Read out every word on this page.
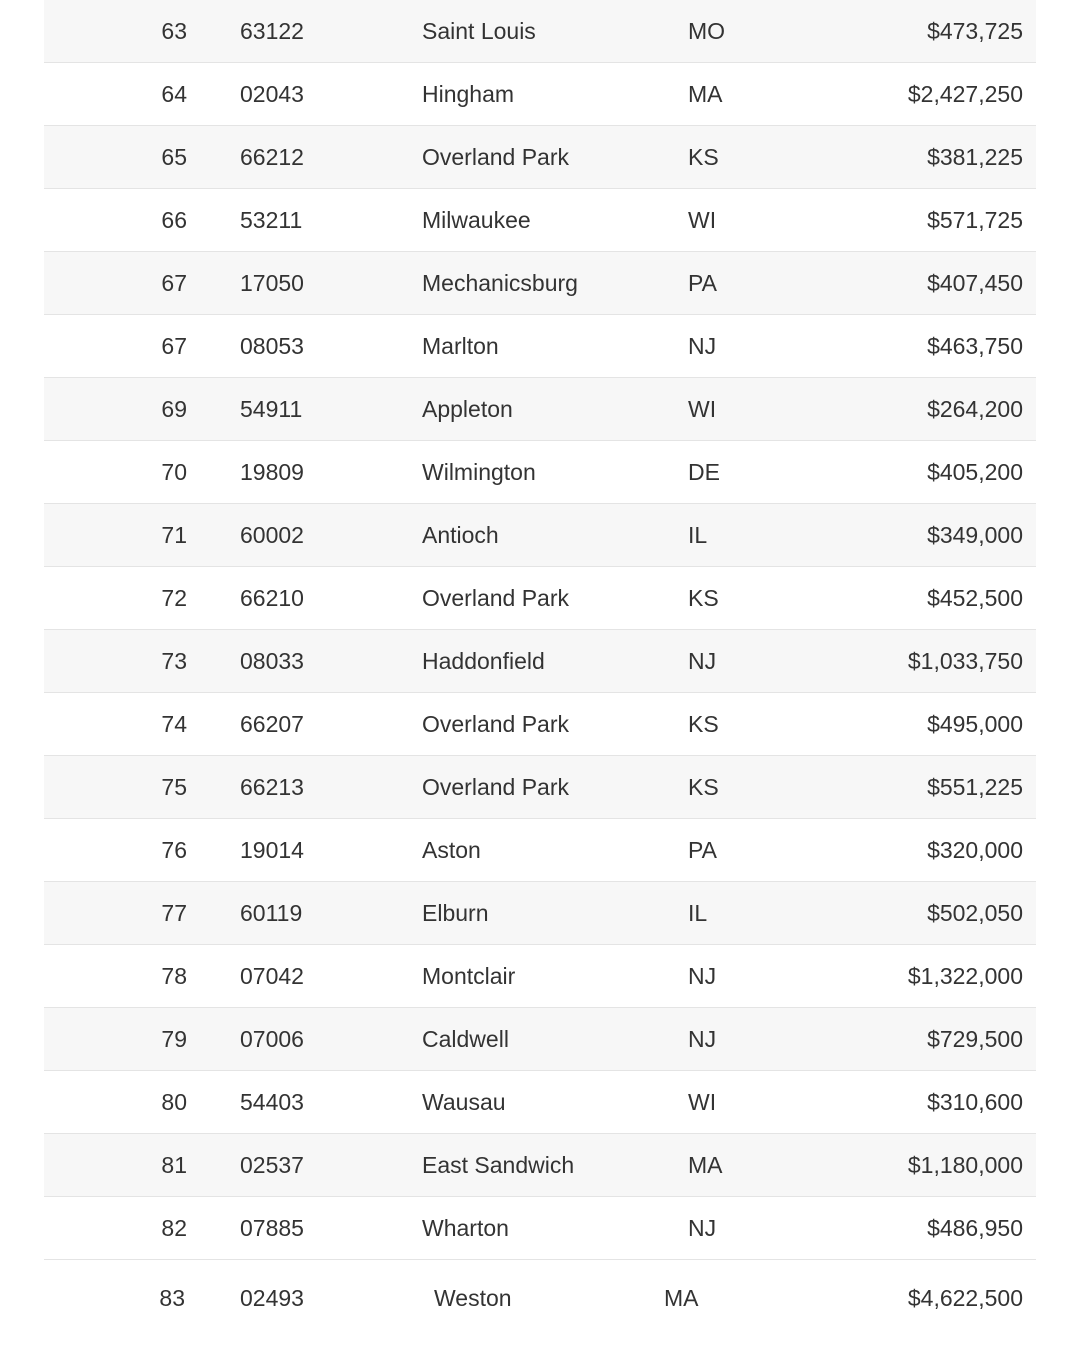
63 63122	Saint Louis	MO	$473,725
64 02043	Hingham	MA	$2,427,250
65 66212	Overland Park	KS	$381,225
66 53211	Milwaukee	WI	$571,725
67 17050	Mechanicsburg	PA	$407,450
67 08053	Marlton	NJ	$463,750
69 54911	Appleton	WI	$264,200
70 19809	Wilmington	DE	$405,200
71 60002	Antioch	IL	$349,000
72 66210	Overland Park	KS	$452,500
73 08033	Haddonfield	NJ	$1,033,750
74 66207	Overland Park	KS	$495,000
75 66213	Overland Park	KS	$551,225
76 19014	Aston	PA	$320,000
77 60119	Elburn	IL	$502,050
78 07042	Montclair	NJ	$1,322,000
79 07006	Caldwell	NJ	$729,500
80 54403	Wausau	WI	$310,600
81 02537	East Sandwich	MA	$1,180,000
82 07885	Wharton	NJ	$486,950
83 02493	Weston	MA	$4,622,500
